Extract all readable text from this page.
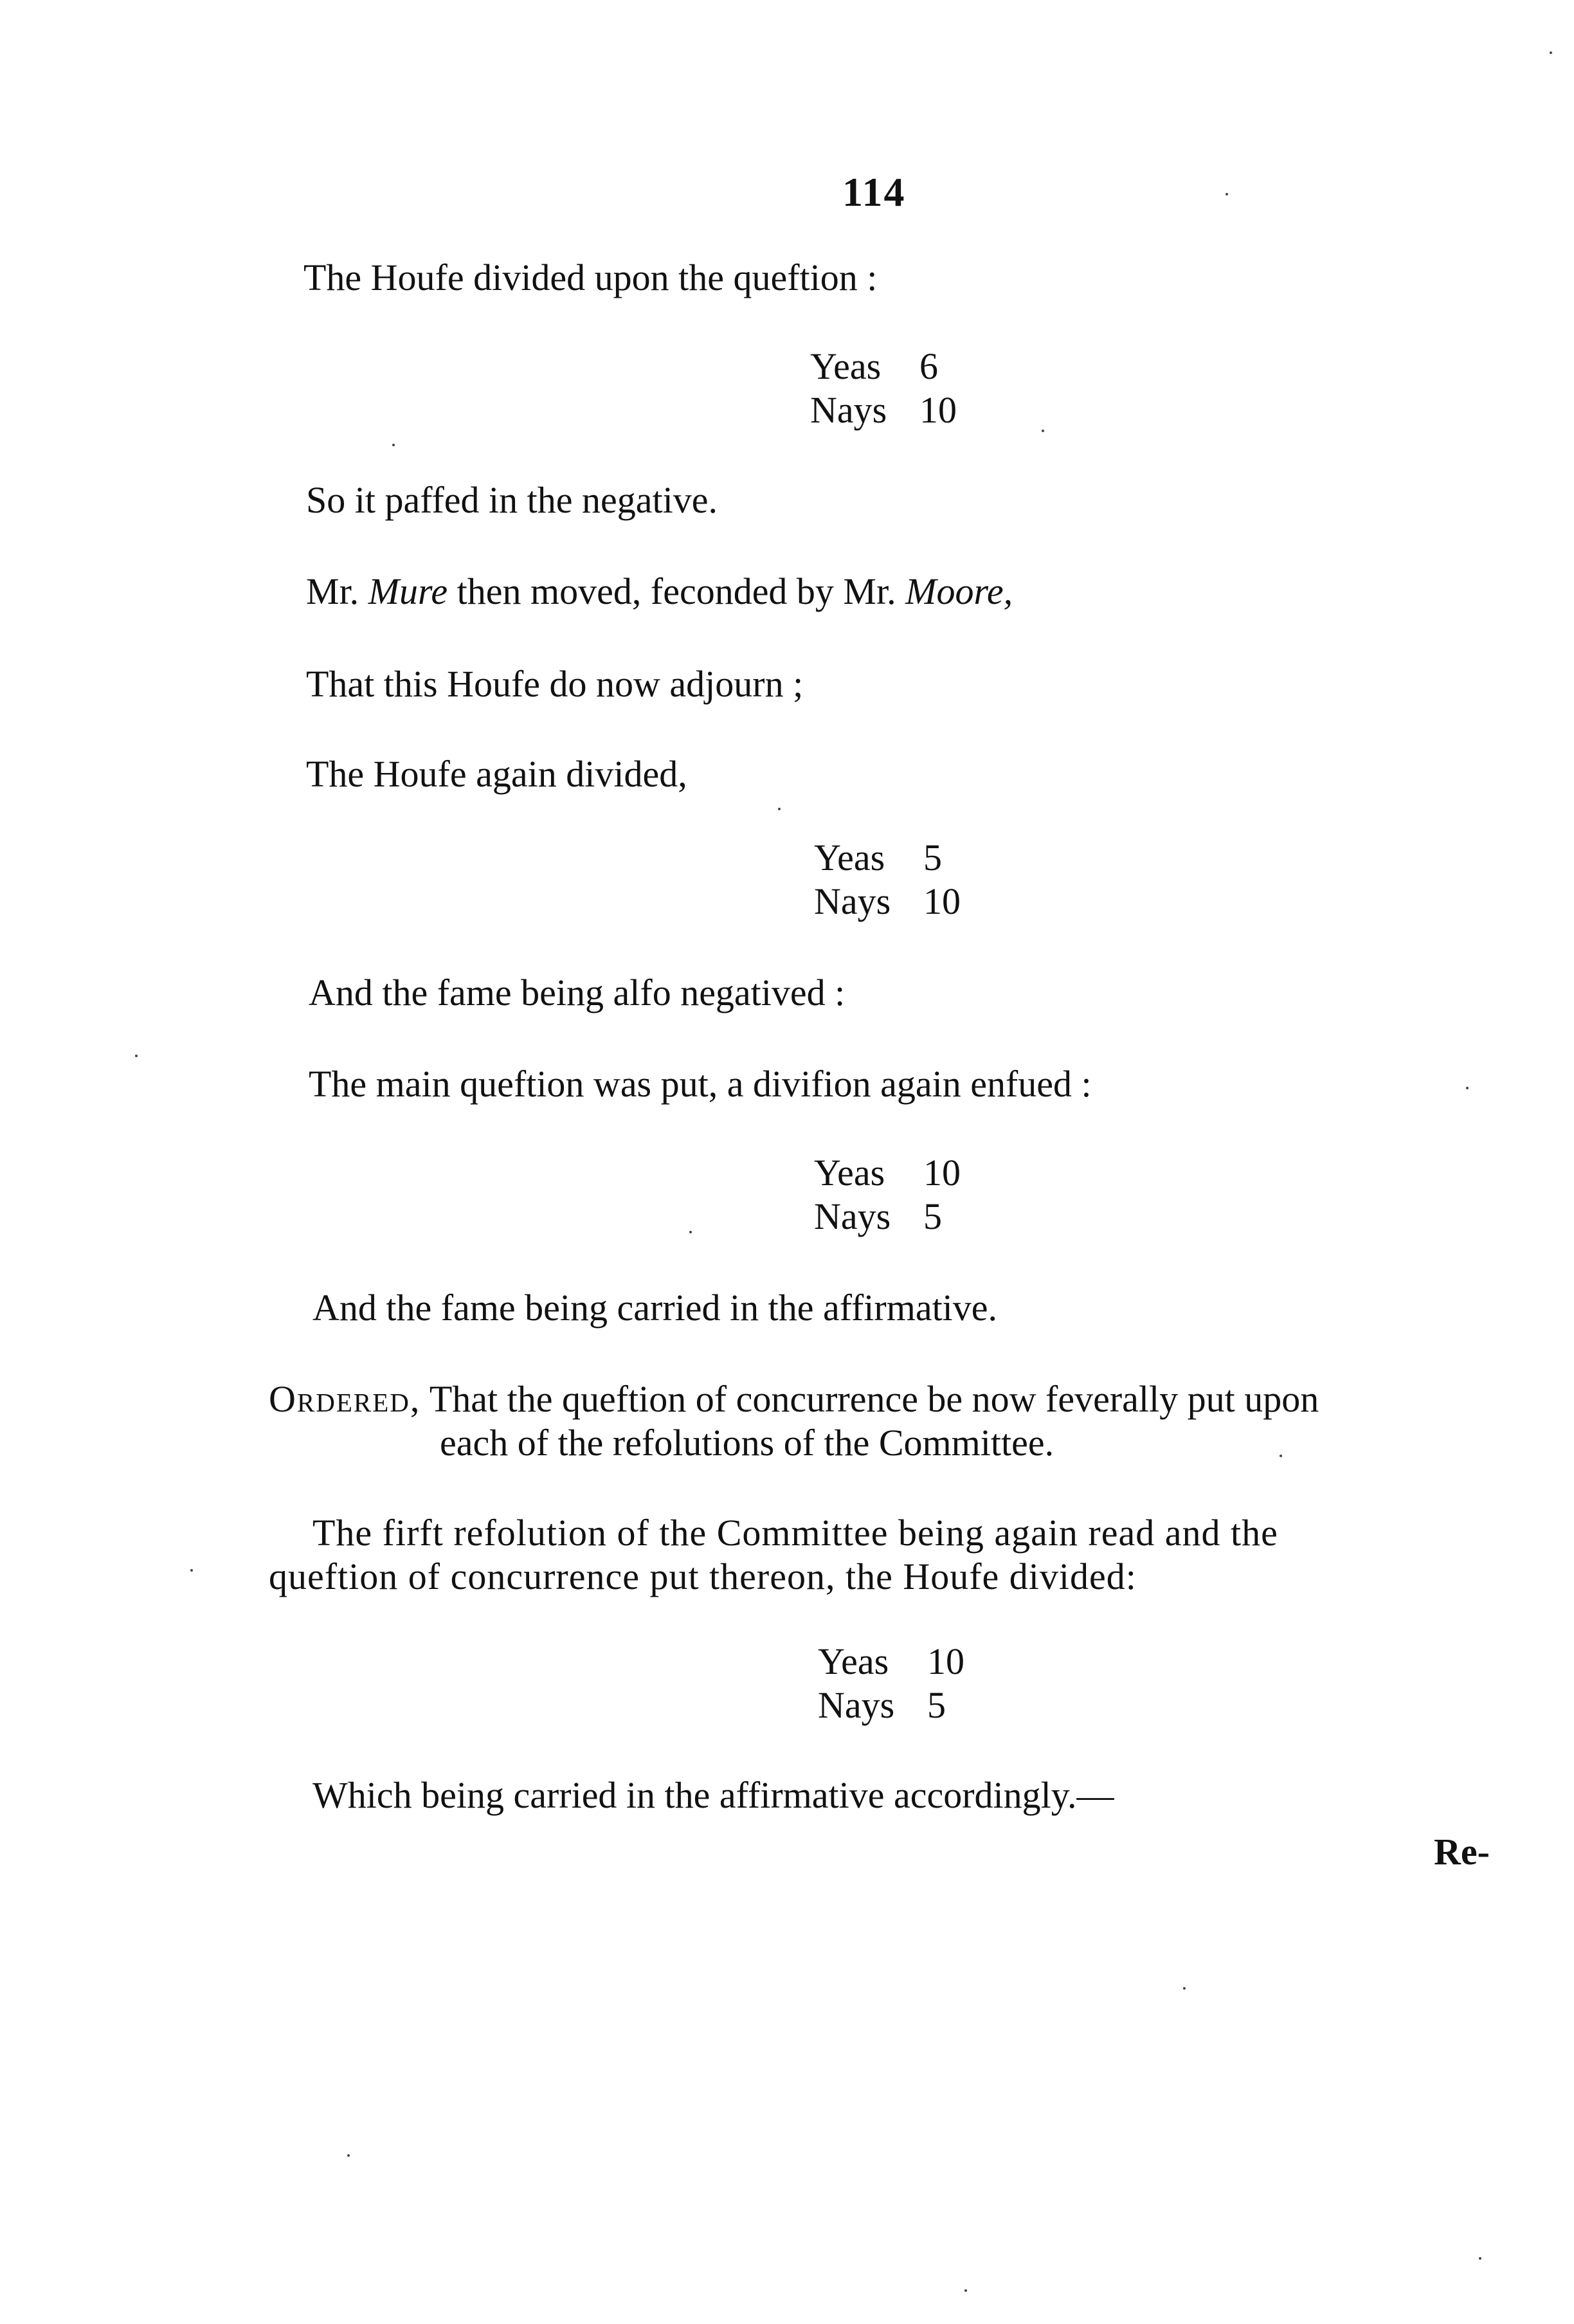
114
The Houfe divided upon the queftion :
Yeas	6
Nays 10
So it paffed in the negative.
Mr. Mure then moved, feconded by Mr. Moore,
That this Houfe do now adjourn ;
The Houfe again divided,
Yeas	5
Nays 10
And the fame being alfo negatived :
The main queftion was put, a divifion again enfued :
Yeas	10
Nays 5
And the fame being carried in the affirmative.
Ordered, That the queftion of concurrence be now feverally put upon
each of the refolutions of the Committee.
The firft refolution of the Committee being again read and the
queftion of concurrence put thereon, the Houfe divided:
Yeas	10
Nays 5
Which being carried in the affirmative accordingly.—
Re-
